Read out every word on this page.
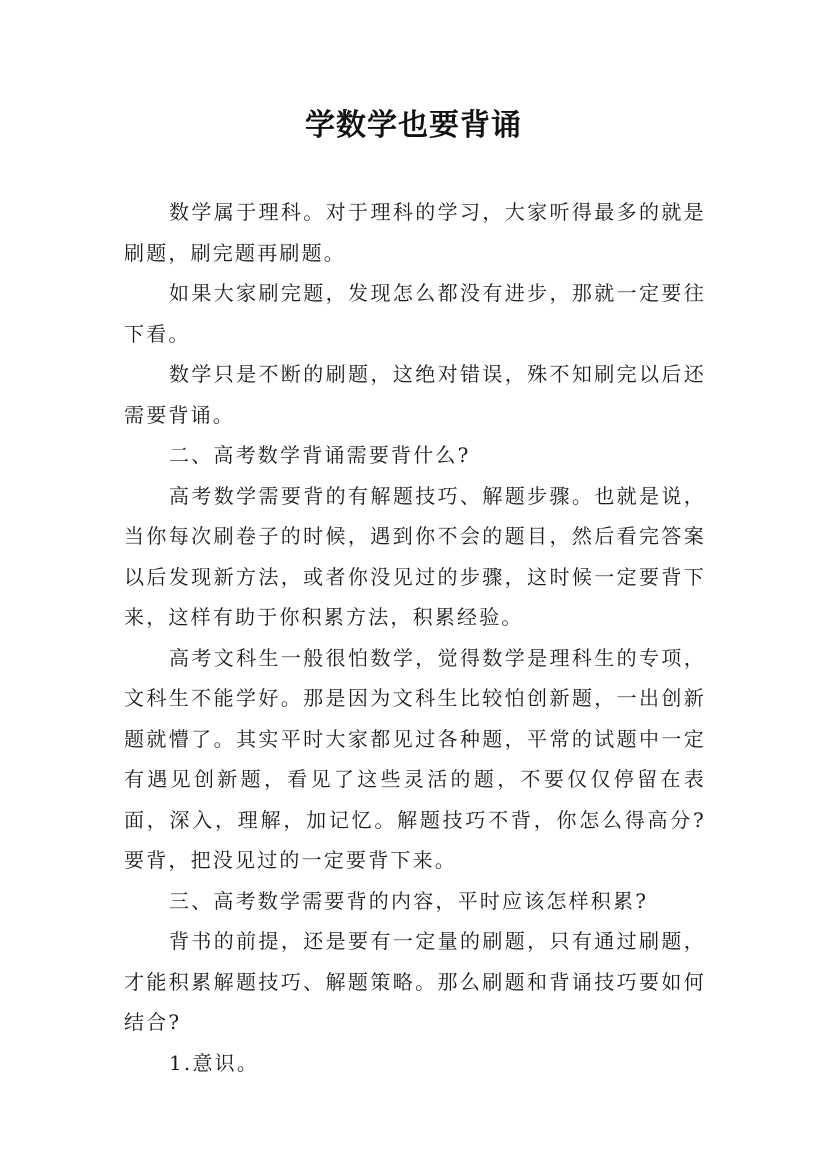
学数学也要背诵

数学属于理科。对于理科的学习，大家听得最多的就是刷题，刷完题再刷题。

如果大家刷完题，发现怎么都没有进步，那就一定要往下看。

数学只是不断的刷题，这绝对错误，殊不知刷完以后还需要背诵。

二、高考数学背诵需要背什么?

高考数学需要背的有解题技巧、解题步骤。也就是说，当你每次刷卷子的时候，遇到你不会的题目，然后看完答案以后发现新方法，或者你没见过的步骤，这时候一定要背下来，这样有助于你积累方法，积累经验。

高考文科生一般很怕数学，觉得数学是理科生的专项，文科生不能学好。那是因为文科生比较怕创新题，一出创新题就懵了。其实平时大家都见过各种题，平常的试题中一定有遇见创新题，看见了这些灵活的题，不要仅仅停留在表面，深入，理解，加记忆。解题技巧不背，你怎么得高分?要背，把没见过的一定要背下来。

三、高考数学需要背的内容，平时应该怎样积累?

背书的前提，还是要有一定量的刷题，只有通过刷题，才能积累解题技巧、解题策略。那么刷题和背诵技巧要如何结合?

1.意识。
